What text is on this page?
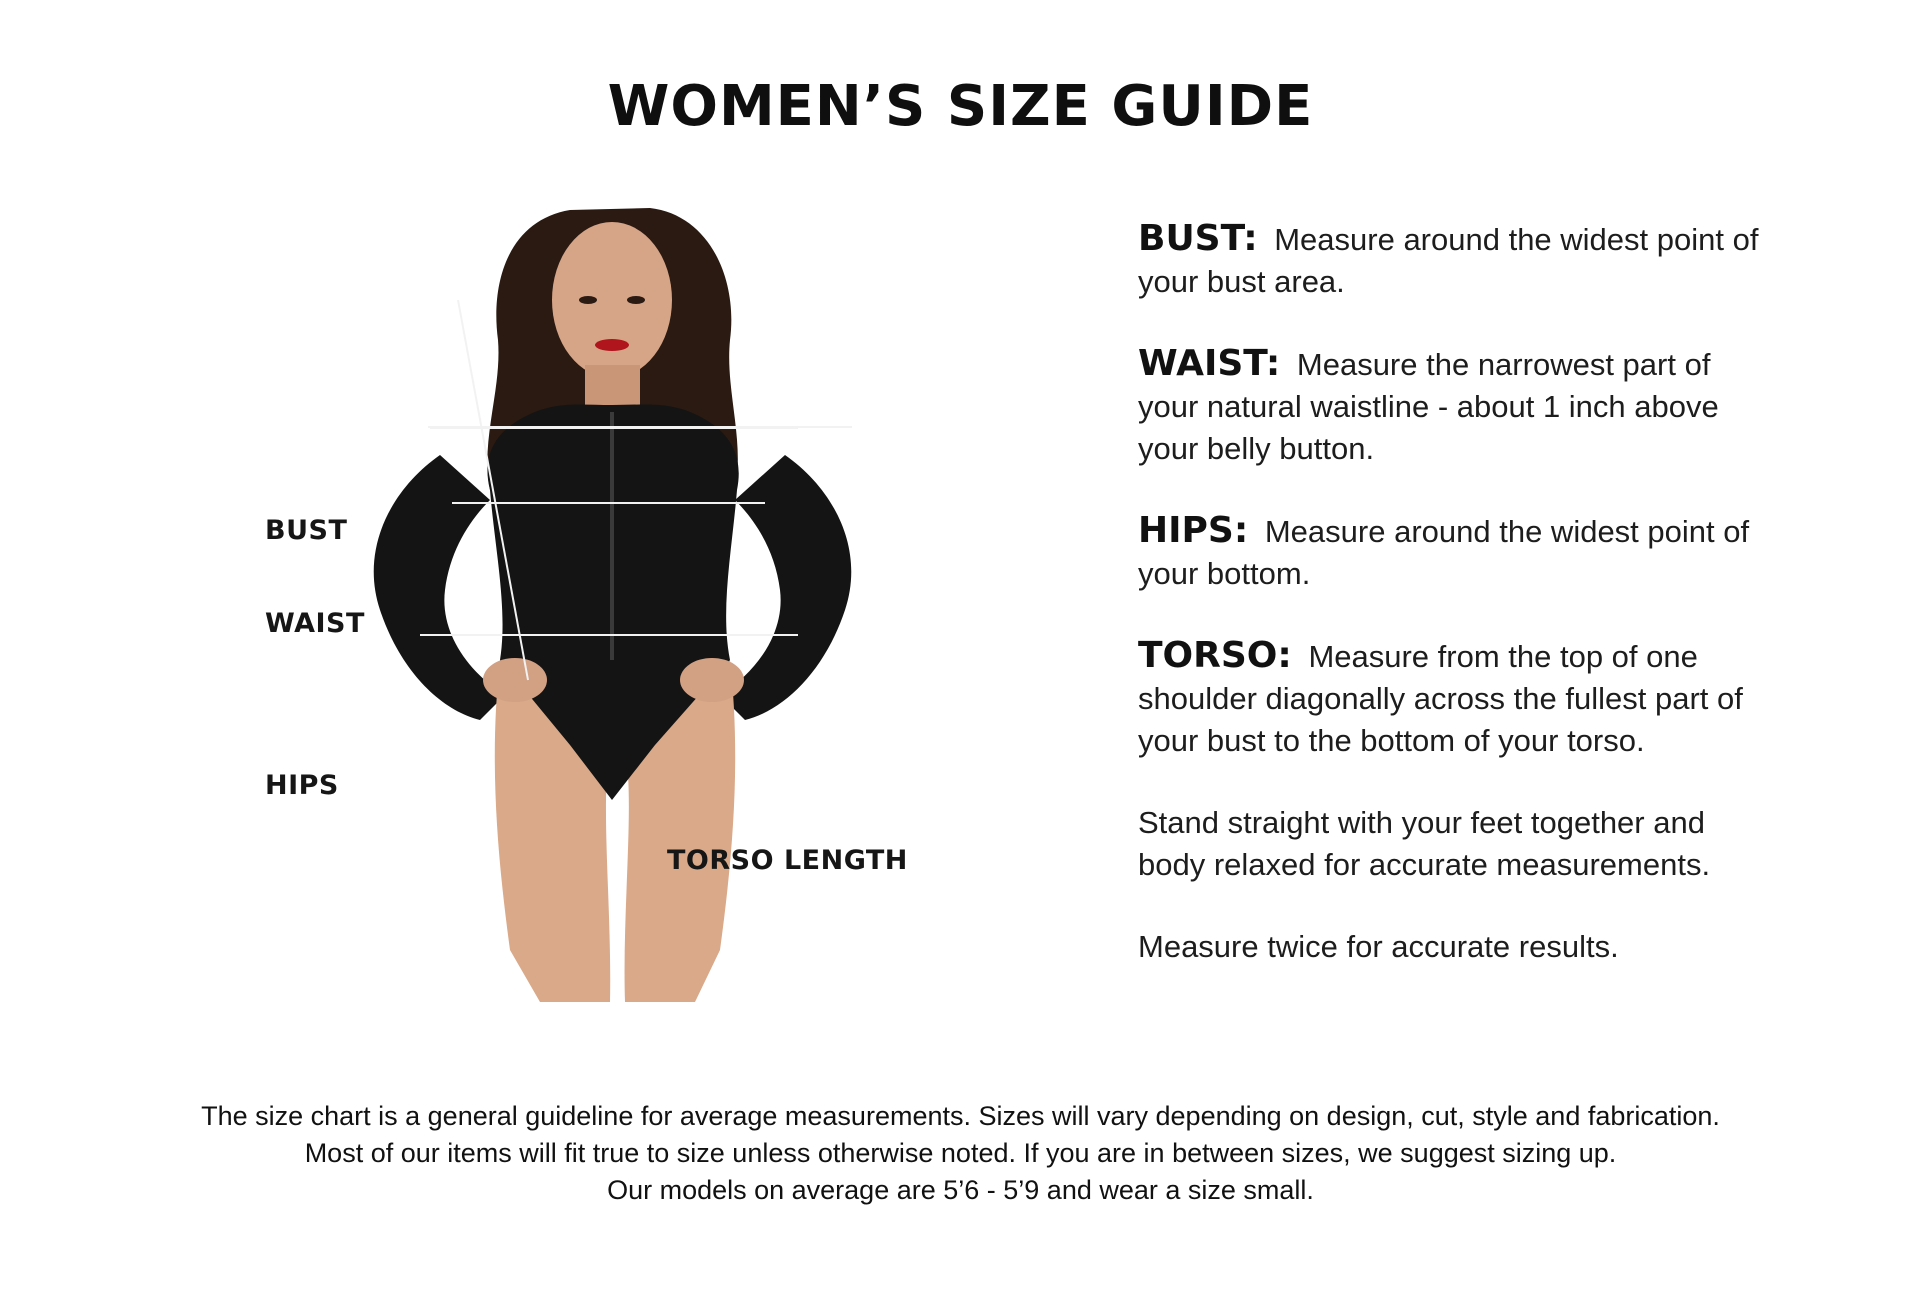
WOMEN’S SIZE GUIDE
BUST
WAIST
HIPS
TORSO LENGTH

BUST: Measure around the widest point of your bust area.

WAIST: Measure the narrowest part of your natural waistline - about 1 inch above your belly button.

HIPS: Measure around the widest point of your bottom.

TORSO: Measure from the top of one shoulder diagonally across the fullest part of your bust to the bottom of your torso.

Stand straight with your feet together and body relaxed for accurate measurements.

Measure twice for accurate results.

The size chart is a general guideline for average measurements. Sizes will vary depending on design, cut, style and fabrication.
Most of our items will fit true to size unless otherwise noted. If you are in between sizes, we suggest sizing up.
Our models on average are 5’6 - 5’9 and wear a size small.
